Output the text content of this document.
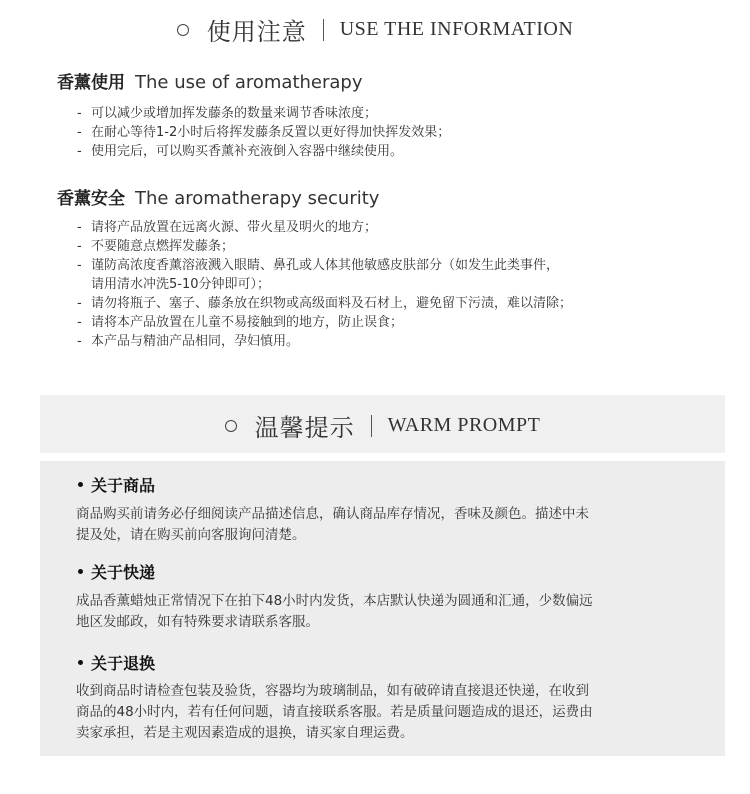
使用注意 USE THE INFORMATION
香薰使用 The use of aromatherapy
- 可以减少或增加挥发藤条的数量来调节香味浓度；
- 在耐心等待1-2小时后将挥发藤条反置以更好得加快挥发效果；
- 使用完后，可以购买香薰补充液倒入容器中继续使用。
香薰安全 The aromatherapy security
- 请将产品放置在远离火源、带火星及明火的地方；
- 不要随意点燃挥发藤条；
- 谨防高浓度香薰溶液溅入眼睛、鼻孔或人体其他敏感皮肤部分（如发生此类事件，
请用清水冲洗5-10分钟即可）；
- 请勿将瓶子、塞子、藤条放在织物或高级面料及石材上，避免留下污渍，难以清除；
- 请将本产品放置在儿童不易接触到的地方，防止误食；
- 本产品与精油产品相同，孕妇慎用。
温馨提示 WARM PROMPT
关于商品

商品购买前请务必仔细阅读产品描述信息，确认商品库存情况，香味及颜色。描述中未
提及处，请在购买前向客服询问清楚。

关于快递

成品香薰蜡烛正常情况下在拍下48小时内发货，本店默认快递为圆通和汇通，少数偏远
地区发邮政，如有特殊要求请联系客服。

关于退换

收到商品时请检查包装及验货，容器均为玻璃制品，如有破碎请直接退还快递，在收到
商品的48小时内，若有任何问题，请直接联系客服。若是质量问题造成的退还，运费由
卖家承担，若是主观因素造成的退换，请买家自理运费。
